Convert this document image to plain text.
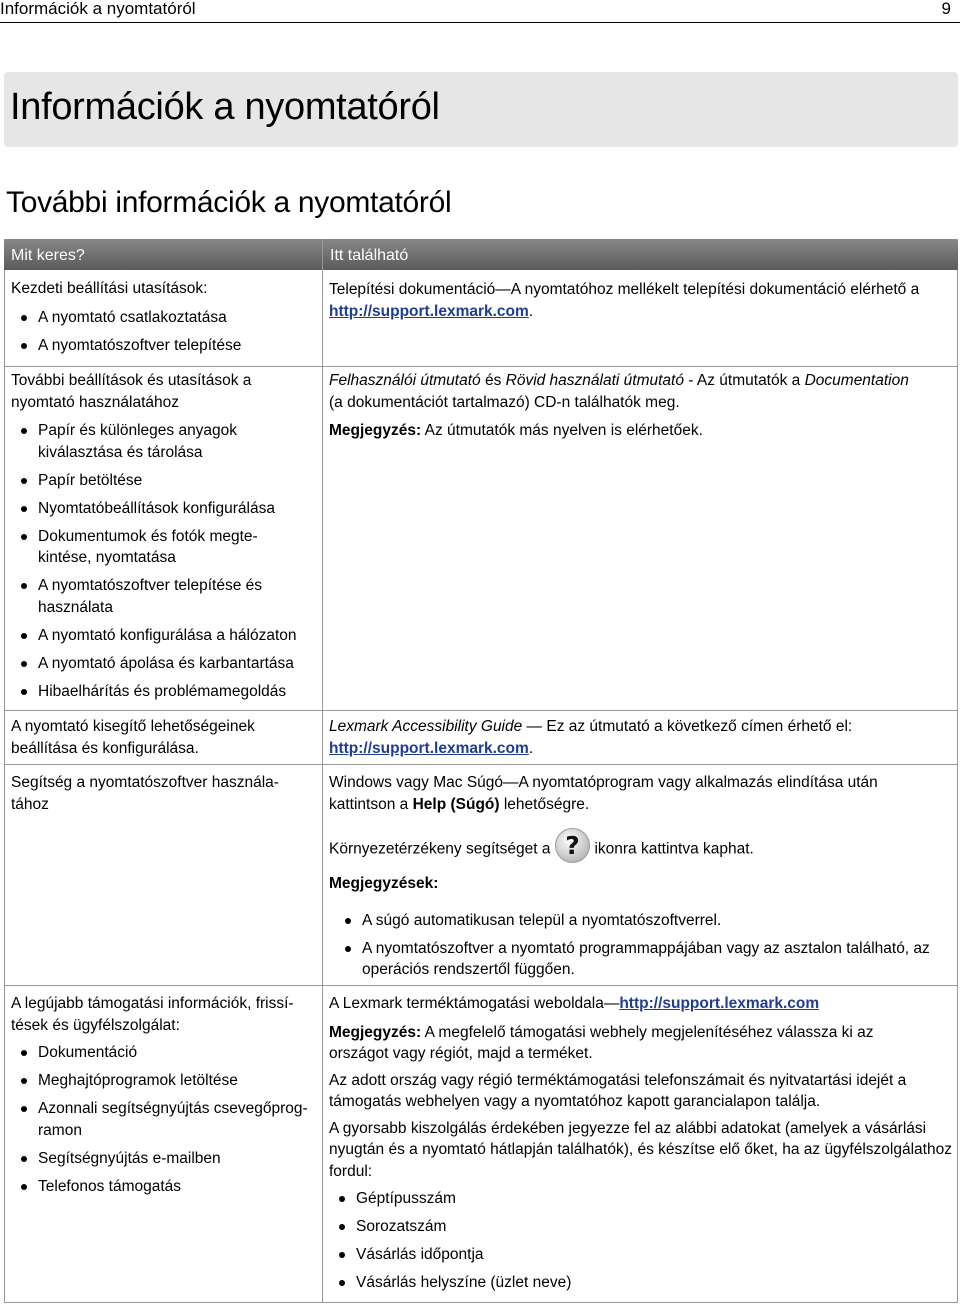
Információk a nyomtatóról	9
Információk a nyomtatóról
További információk a nyomtatóról
Mit keres?	Itt található

Kezdeti beállítási utasítások:

A nyomtató csatlakoztatása
A nyomtatószoftver telepítése

Telepítési dokumentáció—A nyomtatóhoz mellékelt telepítési dokumentáció elérhető a http://support.lexmark.com.

További beállítások és utasítások a nyomtató használatához

Papír és különleges anyagok kiválasztása és tárolása
Papír betöltése
Nyomtatóbeállítások konfigurálása
Dokumentumok és fotók megtekintése, nyomtatása
A nyomtatószoftver telepítése és használata
A nyomtató konfigurálása a hálózaton
A nyomtató ápolása és karbantartása
Hibaelhárítás és problémamegoldás

Felhasználói útmutató és Rövid használati útmutató - Az útmutatók a Documentation (a dokumentációt tartalmazó) CD-n találhatók meg.

Megjegyzés: Az útmutatók más nyelven is elérhetőek.

A nyomtató kisegítő lehetőségeinek beállítása és konfigurálása.

Lexmark Accessibility Guide — Ez az útmutató a következő címen érhető el: http://support.lexmark.com.

Segítség a nyomtatószoftver használatához

Windows vagy Mac Súgó—A nyomtatóprogram vagy alkalmazás elindítása után kattintson a Help (Súgó) lehetőségre.

Környezetérzékeny segítséget a ? ikonra kattintva kaphat.

Megjegyzések:

A súgó automatikusan települ a nyomtatószoftverrel.
A nyomtatószoftver a nyomtató programmappájában vagy az asztalon található, az operációs rendszertől függően.

A legújabb támogatási információk, frissítések és ügyfélszolgálat:

Dokumentáció
Meghajtóprogramok letöltése
Azonnali segítségnyújtás csevegőprogramon
Segítségnyújtás e-mailben
Telefonos támogatás

A Lexmark terméktámogatási weboldala—http://support.lexmark.com

Megjegyzés: A megfelelő támogatási webhely megjelenítéséhez válassza ki az országot vagy régiót, majd a terméket.

Az adott ország vagy régió terméktámogatási telefonszámait és nyitvatartási idejét a támogatás webhelyen vagy a nyomtatóhoz kapott garancialapon találja.

A gyorsabb kiszolgálás érdekében jegyezze fel az alábbi adatokat (amelyek a vásárlási nyugtán és a nyomtató hátlapján találhatók), és készítse elő őket, ha az ügyfélszolgálathoz fordul:

Géptípusszám
Sorozatszám
Vásárlás időpontja
Vásárlás helyszíne (üzlet neve)
